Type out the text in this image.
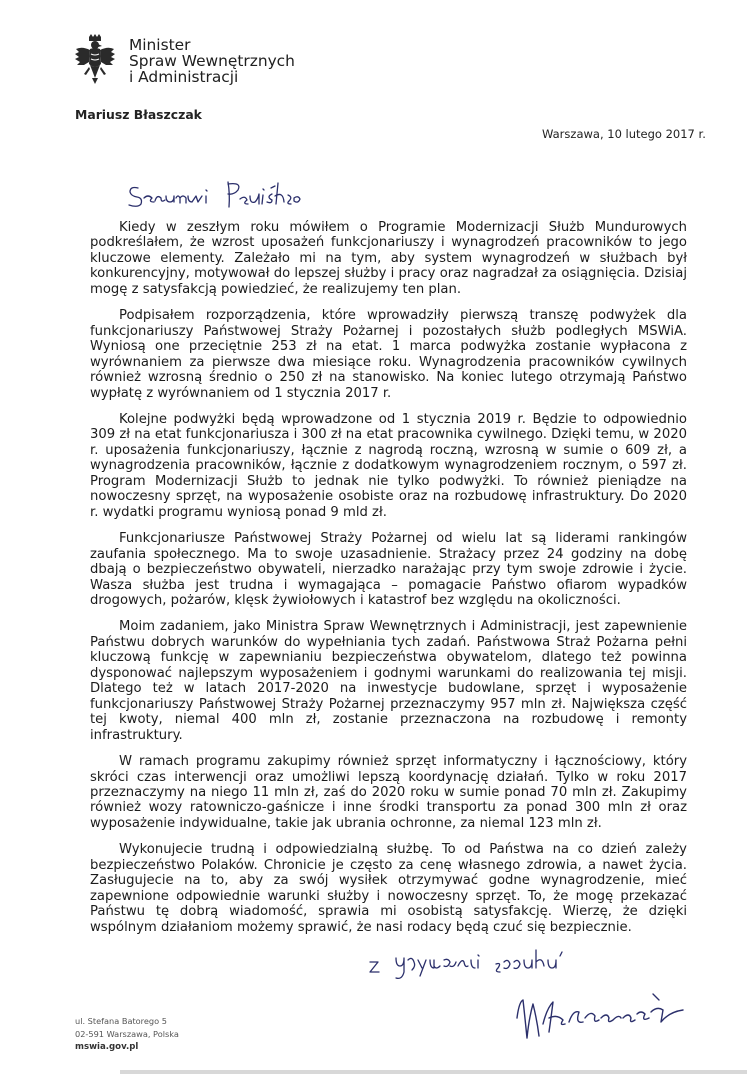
Minister
Spraw Wewnętrznych
i Administracji
Mariusz Błaszczak
Warszawa, 10 lutego 2017 r.

Kiedy w zeszłym roku mówiłem o Programie Modernizacji Służb Mundurowych podkreślałem, że wzrost uposażeń funkcjonariuszy i wynagrodzeń pracowników to jego kluczowe elementy. Zależało mi na tym, aby system wynagrodzeń w służbach był konkurencyjny, motywował do lepszej służby i pracy oraz nagradzał za osiągnięcia. Dzisiaj mogę z satysfakcją powiedzieć, że realizujemy ten plan.

Podpisałem rozporządzenia, które wprowadziły pierwszą transzę podwyżek dla funkcjonariuszy Państwowej Straży Pożarnej i pozostałych służb podległych MSWiA. Wyniosą one przeciętnie 253 zł na etat. 1 marca podwyżka zostanie wypłacona z wyrównaniem za pierwsze dwa miesiące roku. Wynagrodzenia pracowników cywilnych również wzrosną średnio o 250 zł na stanowisko. Na koniec lutego otrzymają Państwo wypłatę z wyrównaniem od 1 stycznia 2017 r.

Kolejne podwyżki będą wprowadzone od 1 stycznia 2019 r. Będzie to odpowiednio 309 zł na etat funkcjonariusza i 300 zł na etat pracownika cywilnego. Dzięki temu, w 2020 r. uposażenia funkcjonariuszy, łącznie z nagrodą roczną, wzrosną w sumie o 609 zł, a wynagrodzenia pracowników, łącznie z dodatkowym wynagrodzeniem rocznym, o 597 zł. Program Modernizacji Służb to jednak nie tylko podwyżki. To również pieniądze na nowoczesny sprzęt, na wyposażenie osobiste oraz na rozbudowę infrastruktury. Do 2020 r. wydatki programu wyniosą ponad 9 mld zł.

Funkcjonariusze Państwowej Straży Pożarnej od wielu lat są liderami rankingów zaufania społecznego. Ma to swoje uzasadnienie. Strażacy przez 24 godziny na dobę dbają o bezpieczeństwo obywateli, nierzadko narażając przy tym swoje zdrowie i życie. Wasza służba jest trudna i wymagająca – pomagacie Państwo ofiarom wypadków drogowych, pożarów, klęsk żywiołowych i katastrof bez względu na okoliczności.

Moim zadaniem, jako Ministra Spraw Wewnętrznych i Administracji, jest zapewnienie Państwu dobrych warunków do wypełniania tych zadań. Państwowa Straż Pożarna pełni kluczową funkcję w zapewnianiu bezpieczeństwa obywatelom, dlatego też powinna dysponować najlepszym wyposażeniem i godnymi warunkami do realizowania tej misji. Dlatego też w latach 2017-2020 na inwestycje budowlane, sprzęt i wyposażenie funkcjonariuszy Państwowej Straży Pożarnej przeznaczymy 957 mln zł. Największa część tej kwoty, niemal 400 mln zł, zostanie przeznaczona na rozbudowę i remonty infrastruktury.

W ramach programu zakupimy również sprzęt informatyczny i łącznościowy, który skróci czas interwencji oraz umożliwi lepszą koordynację działań. Tylko w roku 2017 przeznaczymy na niego 11 mln zł, zaś do 2020 roku w sumie ponad 70 mln zł. Zakupimy również wozy ratowniczo-gaśnicze i inne środki transportu za ponad 300 mln zł oraz wyposażenie indywidualne, takie jak ubrania ochronne, za niemal 123 mln zł.

Wykonujecie trudną i odpowiedzialną służbę. To od Państwa na co dzień zależy bezpieczeństwo Polaków. Chronicie je często za cenę własnego zdrowia, a nawet życia. Zasługujecie na to, aby za swój wysiłek otrzymywać godne wynagrodzenie, mieć zapewnione odpowiednie warunki służby i nowoczesny sprzęt. To, że mogę przekazać Państwu tę dobrą wiadomość, sprawia mi osobistą satysfakcję. Wierzę, że dzięki wspólnym działaniom możemy sprawić, że nasi rodacy będą czuć się bezpiecznie.

ul. Stefana Batorego 5
02-591 Warszawa, Polska
mswia.gov.pl
